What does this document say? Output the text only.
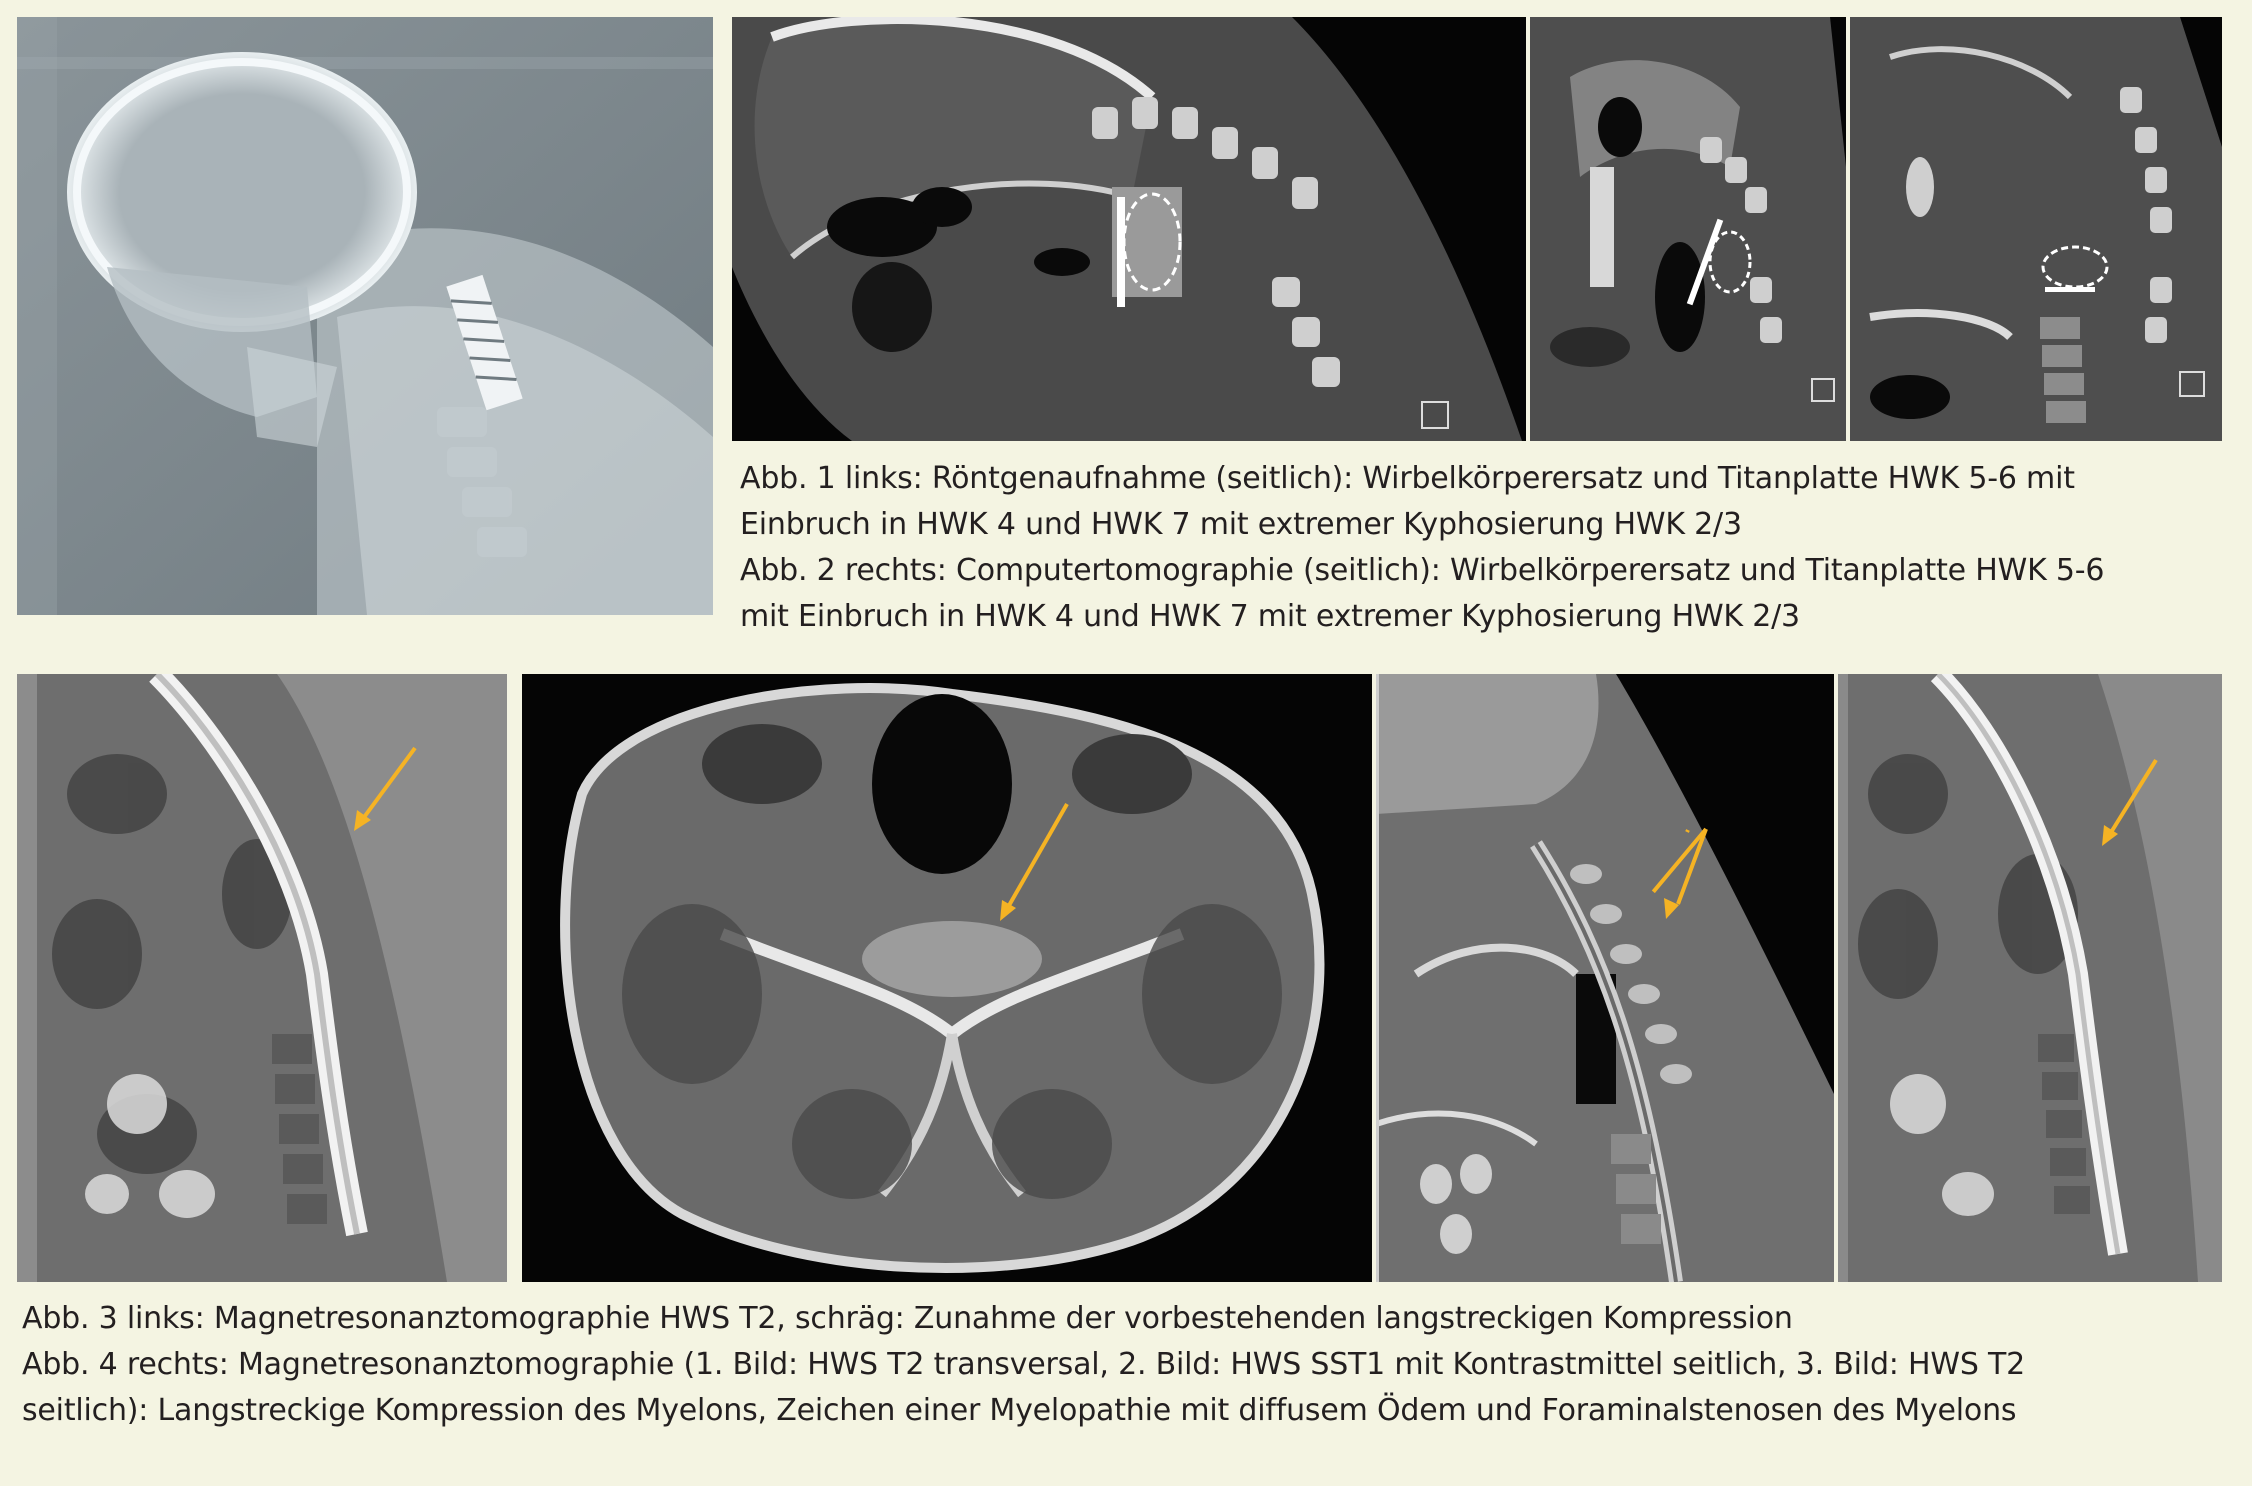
Abb. 1 links: Röntgenaufnahme (seitlich): Wirbelkörperersatz und Titanplatte HWK 5-6 mit Einbruch in HWK 4 und HWK 7 mit extremer Kyphosierung HWK 2/3

Abb. 2 rechts: Computertomographie (seitlich): Wirbelkörperersatz und Titanplatte HWK 5-6 mit Einbruch in HWK 4 und HWK 7 mit extremer Kyphosierung HWK 2/3

Abb. 3 links: Magnetresonanztomographie HWS T2, schräg: Zunahme der vorbestehenden langstreckigen Kompression

Abb. 4 rechts: Magnetresonanztomographie (1. Bild: HWS T2 transversal, 2. Bild: HWS SST1 mit Kontrastmittel seitlich, 3. Bild: HWS T2 seitlich): Langstreckige Kompression des Myelons, Zeichen einer Myelopathie mit diffusem Ödem und Foraminalstenosen des Myelons
